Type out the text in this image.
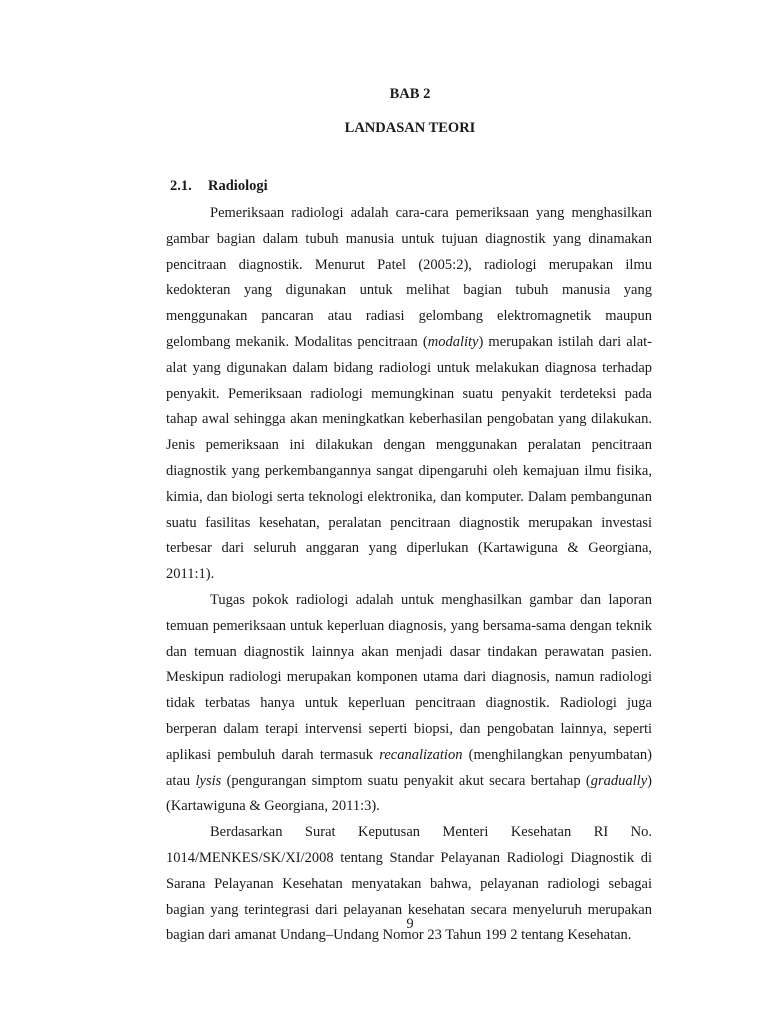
BAB 2
LANDASAN TEORI
2.1. Radiologi

Pemeriksaan radiologi adalah cara-cara pemeriksaan yang menghasilkan gambar bagian dalam tubuh manusia untuk tujuan diagnostik yang dinamakan pencitraan diagnostik. Menurut Patel (2005:2), radiologi merupakan ilmu kedokteran yang digunakan untuk melihat bagian tubuh manusia yang menggunakan pancaran atau radiasi gelombang elektromagnetik maupun gelombang mekanik. Modalitas pencitraan (modality) merupakan istilah dari alat-alat yang digunakan dalam bidang radiologi untuk melakukan diagnosa terhadap penyakit. Pemeriksaan radiologi memungkinan suatu penyakit terdeteksi pada tahap awal sehingga akan meningkatkan keberhasilan pengobatan yang dilakukan. Jenis pemeriksaan ini dilakukan dengan menggunakan peralatan pencitraan diagnostik yang perkembangannya sangat dipengaruhi oleh kemajuan ilmu fisika, kimia, dan biologi serta teknologi elektronika, dan komputer. Dalam pembangunan suatu fasilitas kesehatan, peralatan pencitraan diagnostik merupakan investasi terbesar dari seluruh anggaran yang diperlukan (Kartawiguna & Georgiana, 2011:1).

Tugas pokok radiologi adalah untuk menghasilkan gambar dan laporan temuan pemeriksaan untuk keperluan diagnosis, yang bersama-sama dengan teknik dan temuan diagnostik lainnya akan menjadi dasar tindakan perawatan pasien. Meskipun radiologi merupakan komponen utama dari diagnosis, namun radiologi tidak terbatas hanya untuk keperluan pencitraan diagnostik. Radiologi juga berperan dalam terapi intervensi seperti biopsi, dan pengobatan lainnya, seperti aplikasi pembuluh darah termasuk recanalization (menghilangkan penyumbatan) atau lysis (pengurangan simptom suatu penyakit akut secara bertahap (gradually) (Kartawiguna & Georgiana, 2011:3).

Berdasarkan Surat Keputusan Menteri Kesehatan RI No. 1014/MENKES/SK/XI/2008 tentang Standar Pelayanan Radiologi Diagnostik di Sarana Pelayanan Kesehatan menyatakan bahwa, pelayanan radiologi sebagai bagian yang terintegrasi dari pelayanan kesehatan secara menyeluruh merupakan bagian dari amanat Undang–Undang Nomor 23 Tahun 199 2 tentang Kesehatan.

9
